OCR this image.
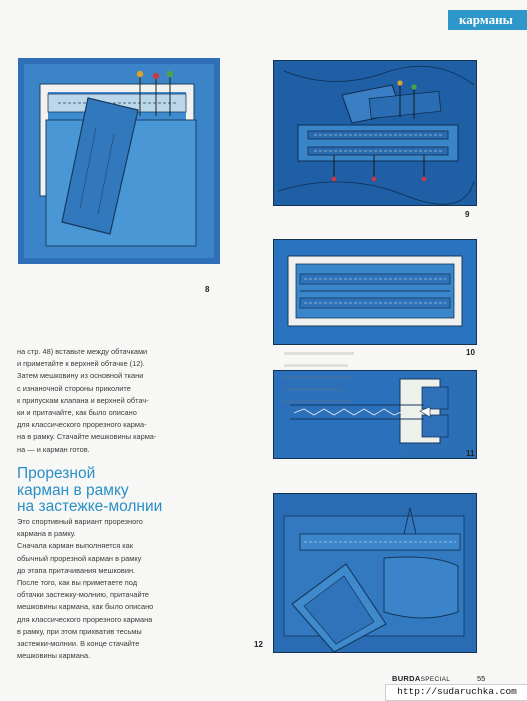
карманы
8
9
10
11
12

на стр. 48) вставьте между обтачками

и приметайте к верхней обтачке (12).

Затем мешковину из основной ткани

с изнаночной стороны приколите

к припускам клапана и верхней обтач-

ки и притачайте, как было описано

для классического прорезного карма-

на в рамку. Стачайте мешковины карма-

на — и карман готов.

Прорезной
карман в рамку
на застежке-молнии

Это спортивный вариант прорезного

кармана в рамку.

Сначала карман выполняется как

обычный прорезной карман в рамку

до этапа притачивания мешковин.

После того, как вы приметаете под

обтачки застежку-молнию, притачайте

мешковины кармана, как было описано

для классического прорезного кармана

в рамку, при этом прихватив тесьмы

застежки-молнии. В конце стачайте

мешковины кармана.

BURDASPECIAL	55
http://sudaruchka.com
